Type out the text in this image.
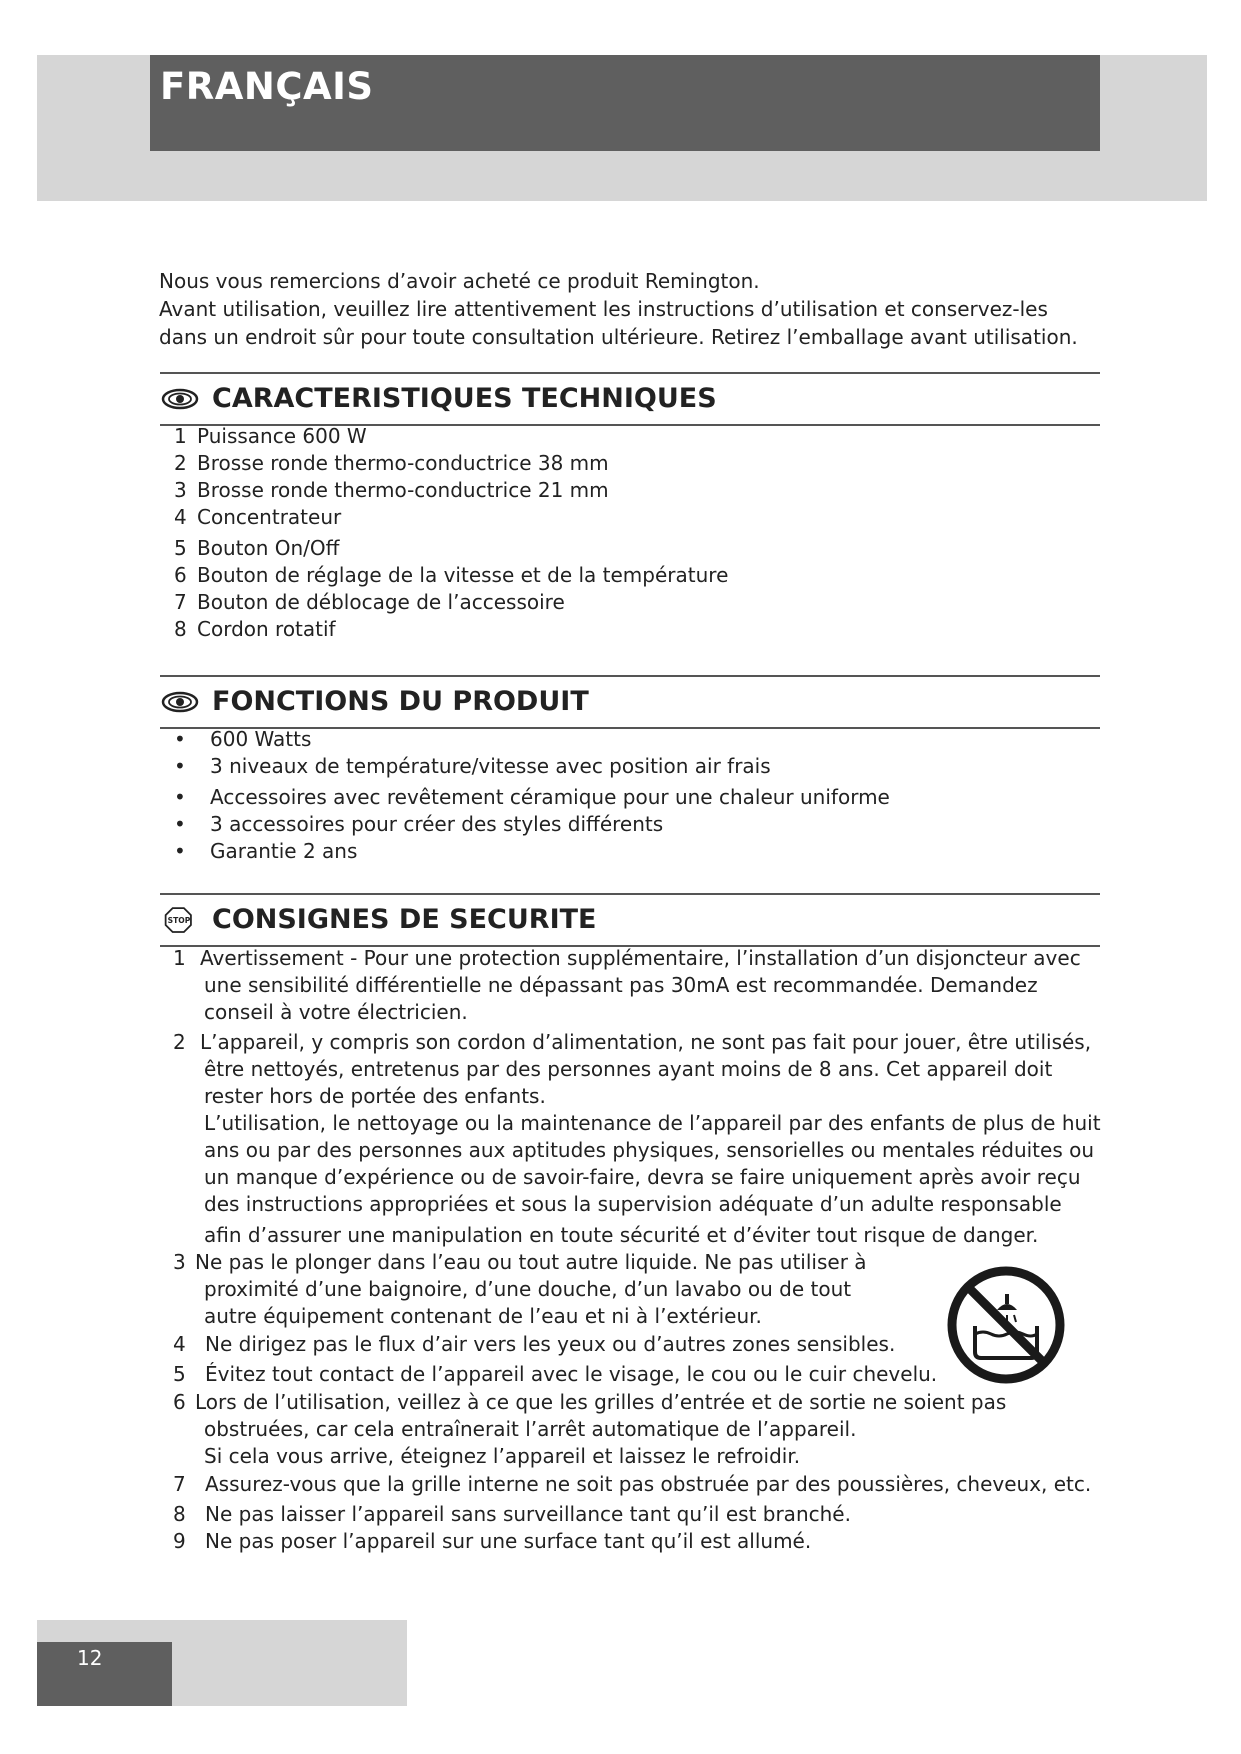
FRANÇAIS
Nous vous remercions d’avoir acheté ce produit Remington.
Avant utilisation, veuillez lire attentivement les instructions d’utilisation et conservez-les
dans un endroit sûr pour toute consultation ultérieure. Retirez l’emballage avant utilisation.
CARACTERISTIQUES TECHNIQUES
1 Puissance 600 W
2 Brosse ronde thermo-conductrice 38 mm
3 Brosse ronde thermo-conductrice 21 mm
4 Concentrateur
5 Bouton On/Off
6 Bouton de réglage de la vitesse et de la température
7 Bouton de déblocage de l’accessoire
8 Cordon rotatif
FONCTIONS DU PRODUIT
• 600 Watts
• 3 niveaux de température/vitesse avec position air frais
• Accessoires avec revêtement céramique pour une chaleur uniforme
• 3 accessoires pour créer des styles différents
• Garantie 2 ans
STOP CONSIGNES DE SECURITE
1 Avertissement - Pour une protection supplémentaire, l’installation d’un disjoncteur avec
une sensibilité différentielle ne dépassant pas 30mA est recommandée. Demandez
conseil à votre électricien.
2 L’appareil, y compris son cordon d’alimentation, ne sont pas fait pour jouer, être utilisés,
être nettoyés, entretenus par des personnes ayant moins de 8 ans. Cet appareil doit
rester hors de portée des enfants.
L’utilisation, le nettoyage ou la maintenance de l’appareil par des enfants de plus de huit
ans ou par des personnes aux aptitudes physiques, sensorielles ou mentales réduites ou
un manque d’expérience ou de savoir-faire, devra se faire uniquement après avoir reçu
des instructions appropriées et sous la supervision adéquate d’un adulte responsable
afin d’assurer une manipulation en toute sécurité et d’éviter tout risque de danger.
3 Ne pas le plonger dans l’eau ou tout autre liquide. Ne pas utiliser à
proximité d’une baignoire, d’une douche, d’un lavabo ou de tout
autre équipement contenant de l’eau et ni à l’extérieur.
4 Ne dirigez pas le flux d’air vers les yeux ou d’autres zones sensibles.
5 Évitez tout contact de l’appareil avec le visage, le cou ou le cuir chevelu.
6 Lors de l’utilisation, veillez à ce que les grilles d’entrée et de sortie ne soient pas
obstruées, car cela entraînerait l’arrêt automatique de l’appareil.
Si cela vous arrive, éteignez l’appareil et laissez le refroidir.
7 Assurez-vous que la grille interne ne soit pas obstruée par des poussières, cheveux, etc.
8 Ne pas laisser l’appareil sans surveillance tant qu’il est branché.
9 Ne pas poser l’appareil sur une surface tant qu’il est allumé.
12
